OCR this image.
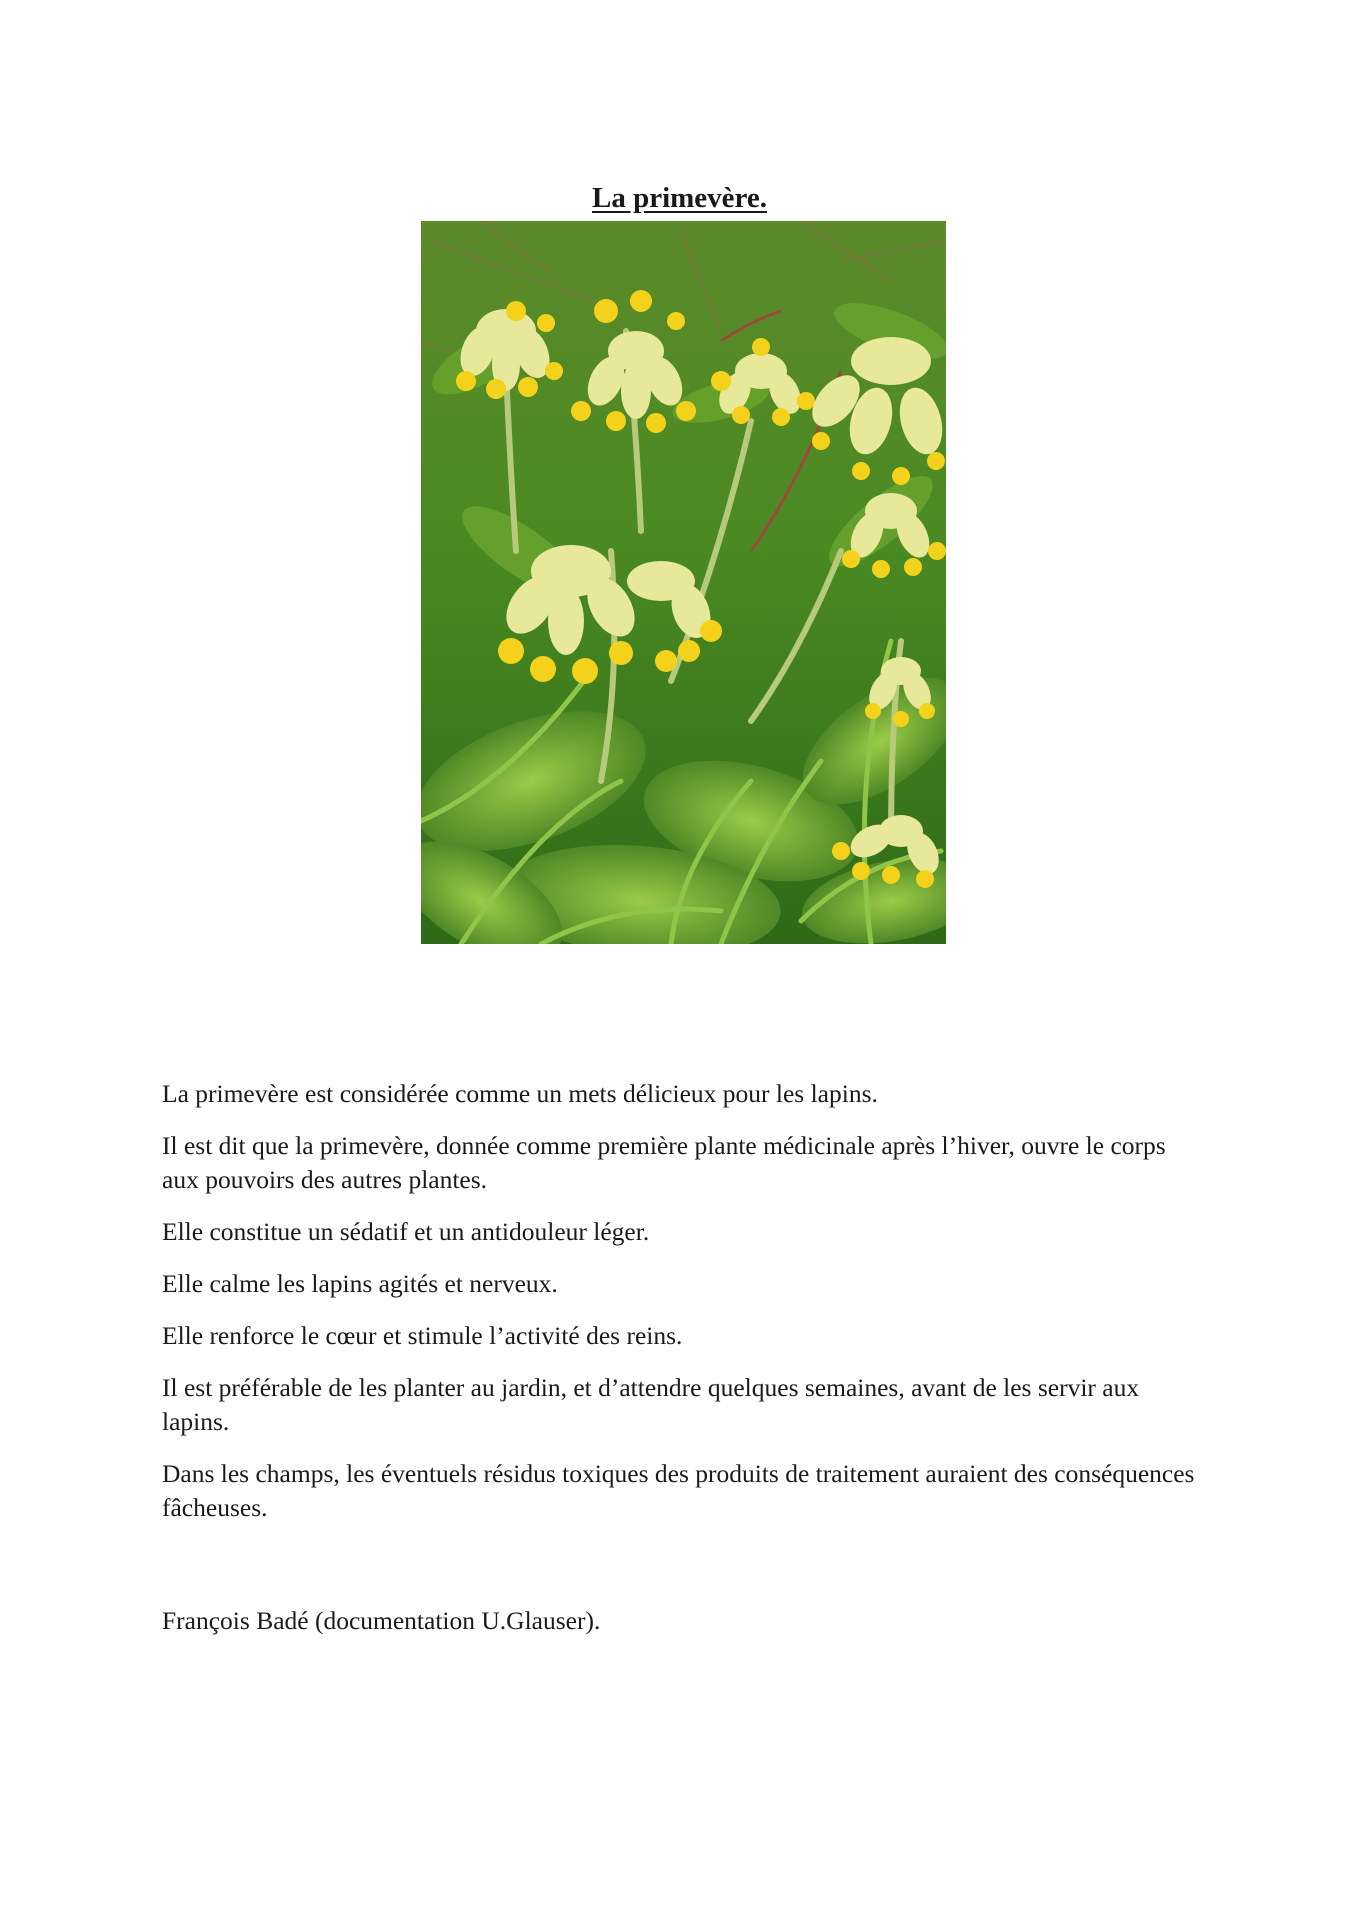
La primevère.

La primevère est considérée comme un mets délicieux pour les lapins.

Il est dit que la primevère, donnée comme première plante médicinale après l’hiver, ouvre le corps aux pouvoirs des autres plantes.

Elle constitue un sédatif et un antidouleur léger.

Elle calme les lapins agités et nerveux.

Elle renforce le cœur et stimule l’activité des reins.

Il est préférable de les planter au jardin, et d’attendre quelques semaines, avant de les servir aux lapins.

Dans les champs, les éventuels résidus toxiques des produits de traitement auraient des conséquences fâcheuses.

François Badé (documentation U.Glauser).
